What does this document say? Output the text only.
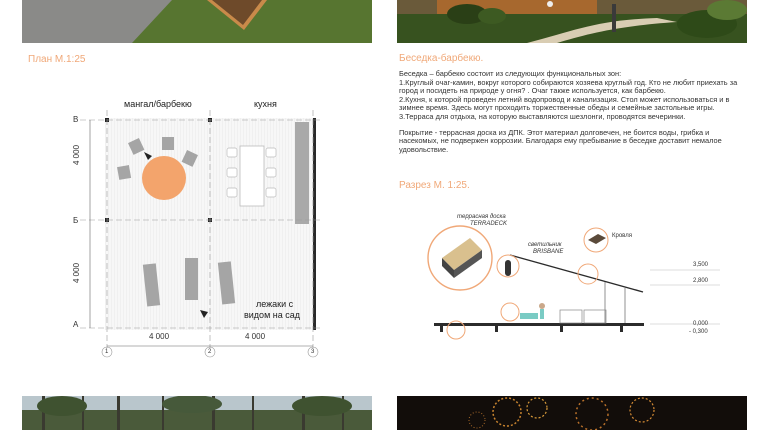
План М.1:25
мангал/барбекю	кухня
лежаки с
видом на сад
4 000
4 000
4 000	4 000
В
Б
А
1	2	3
Беседка-барбекю.

Беседка – барбекю состоит из следующих функциональных зон:

1.Круглый очаг-камин, вокруг которого собираются хозяева круглый год. Кто не любит приехать за город и посидеть на природе у огня? . Очаг также используется, как барбекю.

2.Кухня, к которой проведен летний водопровод и канализация. Стол может использоваться и в зимнее время. Здесь могут проходить торжественные обеды и семейные застольные игры.

3.Терраса для отдыха, на которую выставляются шезлонги, проводятся вечеринки.

Покрытие - террасная доска из ДПК. Этот материал долговечен, не боится воды, грибка и насекомых, не подвержен коррозии. Благодаря ему пребывание в беседке доставит немалое удовольствие.

Разрез М. 1:25.
террасная доска
TERRADECK
светильник
BRISBANE
Кровля
3,500
2,800
0,000
- 0,300
